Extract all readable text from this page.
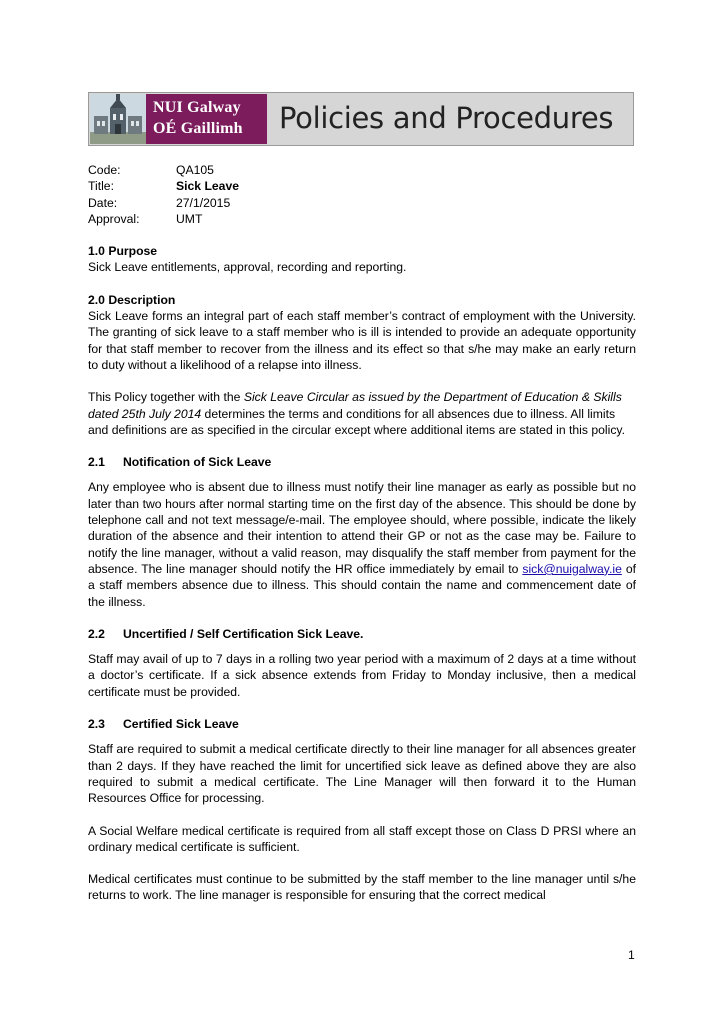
NUI Galway
OÉ Gaillimh Policies and Procedures
Code:	QA105
Title:	Sick Leave
Date:	27/1/2015
Approval:	UMT
1.0 Purpose

Sick Leave entitlements, approval, recording and reporting.

2.0 Description

Sick Leave forms an integral part of each staff member’s contract of employment with the University. The granting of sick leave to a staff member who is ill is intended to provide an adequate opportunity for that staff member to recover from the illness and its effect so that s/he may make an early return to duty without a likelihood of a relapse into illness.

This Policy together with the Sick Leave Circular as issued by the Department of Education & Skills dated 25th July 2014 determines the terms and conditions for all absences due to illness. All limits and definitions are as specified in the circular except where additional items are stated in this policy.

2.1	Notification of Sick Leave

Any employee who is absent due to illness must notify their line manager as early as possible but no later than two hours after normal starting time on the first day of the absence. This should be done by telephone call and not text message/e-mail. The employee should, where possible, indicate the likely duration of the absence and their intention to attend their GP or not as the case may be. Failure to notify the line manager, without a valid reason, may disqualify the staff member from payment for the absence. The line manager should notify the HR office immediately by email to sick@nuigalway.ie of a staff members absence due to illness. This should contain the name and commencement date of the illness.

2.2	Uncertified / Self Certification Sick Leave.

Staff may avail of up to 7 days in a rolling two year period with a maximum of 2 days at a time without a doctor’s certificate. If a sick absence extends from Friday to Monday inclusive, then a medical certificate must be provided.

2.3	Certified Sick Leave

Staff are required to submit a medical certificate directly to their line manager for all absences greater than 2 days. If they have reached the limit for uncertified sick leave as defined above they are also required to submit a medical certificate. The Line Manager will then forward it to the Human Resources Office for processing.

A Social Welfare medical certificate is required from all staff except those on Class D PRSI where an ordinary medical certificate is sufficient.

Medical certificates must continue to be submitted by the staff member to the line manager until s/he returns to work. The line manager is responsible for ensuring that the correct medical

1
